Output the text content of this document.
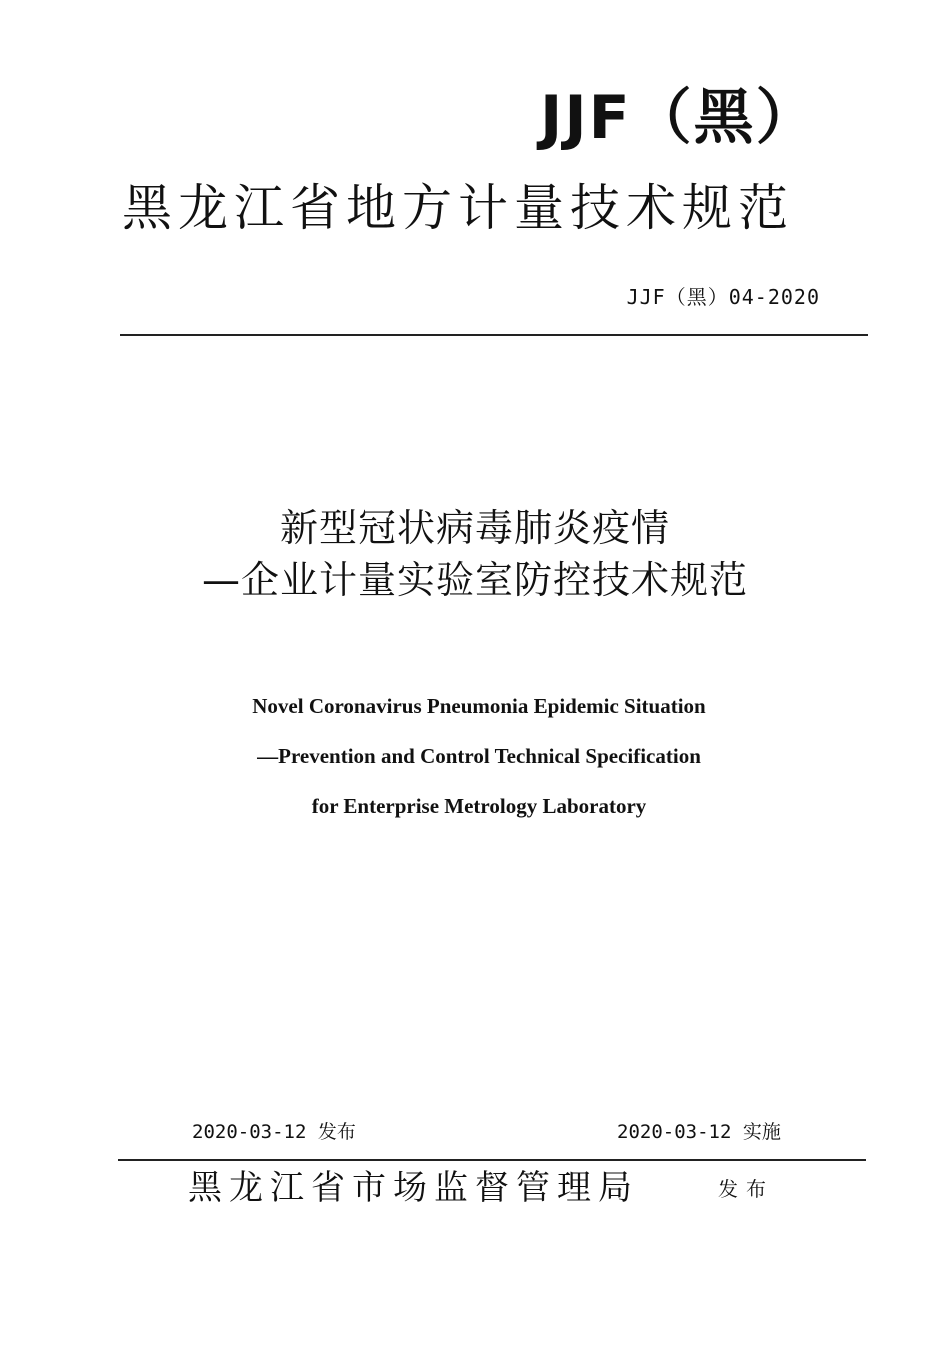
JJF（黑）
黑龙江省地方计量技术规范
JJF（黑）04-2020
新型冠状病毒肺炎疫情
—企业计量实验室防控技术规范
Novel Coronavirus Pneumonia Epidemic Situation
—Prevention and Control Technical Specification
for Enterprise Metrology Laboratory
2020-03-12 发布	2020-03-12 实施
黑龙江省市场监督管理局	发布
